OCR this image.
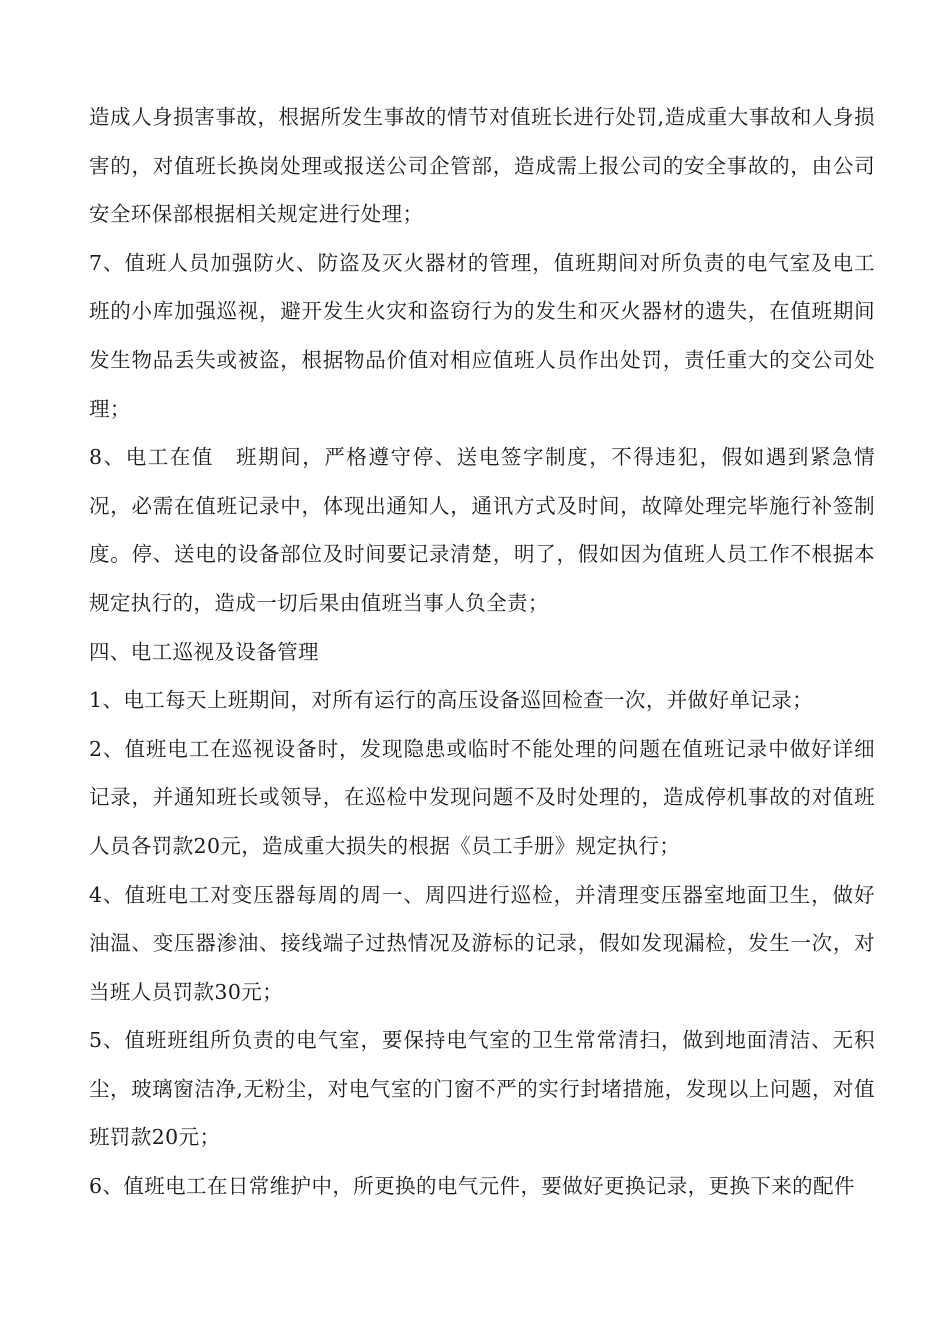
造成人身损害事故，根据所发生事故的情节对值班长进行处罚,造成重大事故和人身损害的，对值班长换岗处理或报送公司企管部，造成需上报公司的安全事故的，由公司安全环保部根据相关规定进行处理；

7、值班人员加强防火、防盗及灭火器材的管理，值班期间对所负责的电气室及电工班的小库加强巡视，避开发生火灾和盗窃行为的发生和灭火器材的遗失，在值班期间发生物品丢失或被盗，根据物品价值对相应值班人员作出处罚，责任重大的交公司处理；

8、电工在值　班期间，严格遵守停、送电签字制度，不得违犯，假如遇到紧急情况，必需在值班记录中，体现出通知人，通讯方式及时间，故障处理完毕施行补签制度。停、送电的设备部位及时间要记录清楚，明了，假如因为值班人员工作不根据本规定执行的，造成一切后果由值班当事人负全责；

四、电工巡视及设备管理

1、电工每天上班期间，对所有运行的高压设备巡回检查一次，并做好单记录；

2、值班电工在巡视设备时，发现隐患或临时不能处理的问题在值班记录中做好详细记录，并通知班长或领导，在巡检中发现问题不及时处理的，造成停机事故的对值班人员各罚款20元，造成重大损失的根据《员工手册》规定执行；

4、值班电工对变压器每周的周一、周四进行巡检，并清理变压器室地面卫生，做好油温、变压器渗油、接线端子过热情况及游标的记录，假如发现漏检，发生一次，对当班人员罚款30元；

5、值班班组所负责的电气室，要保持电气室的卫生常常清扫，做到地面清洁、无积尘，玻璃窗洁净,无粉尘，对电气室的门窗不严的实行封堵措施，发现以上问题，对值班罚款20元；

6、值班电工在日常维护中，所更换的电气元件，要做好更换记录，更换下来的配件
